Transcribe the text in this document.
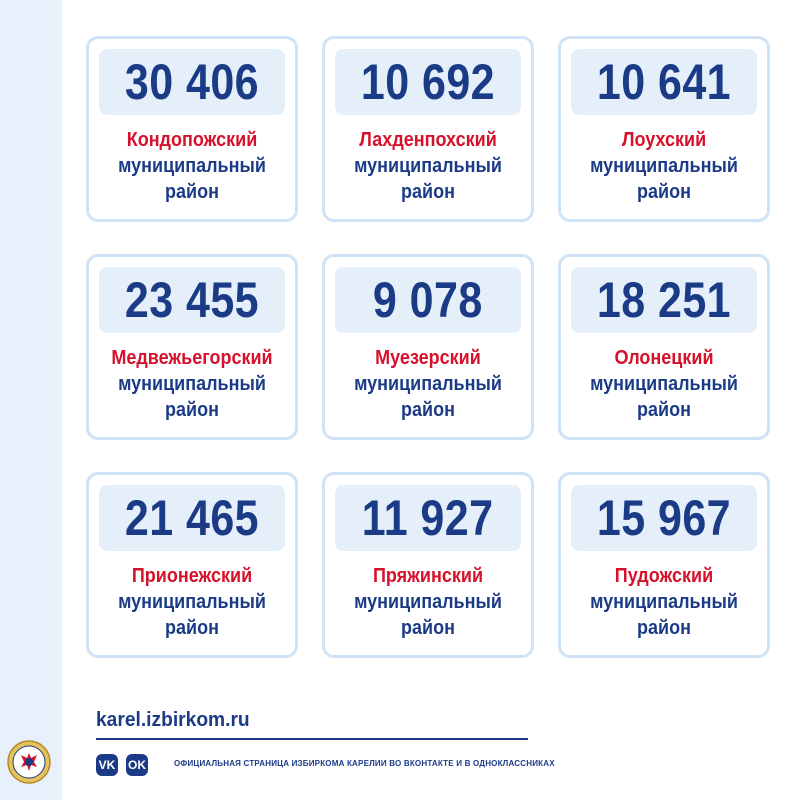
30 406
Кондопожский
муниципальный
район
10 692
Лахденпохский
муниципальный
район
10 641
Лоухский
муниципальный
район
23 455
Медвежьегорский
муниципальный
район
9 078
Муезерский
муниципальный
район
18 251
Олонецкий
муниципальный
район
21 465
Прионежский
муниципальный
район
11 927
Пряжинский
муниципальный
район
15 967
Пудожский
муниципальный
район
karel.izbirkom.ru
VK OK	ОФИЦИАЛЬНАЯ СТРАНИЦА ИЗБИРКОМА КАРЕЛИИ ВО ВКОНТАКТЕ И В ОДНОКЛАССНИКАХ
